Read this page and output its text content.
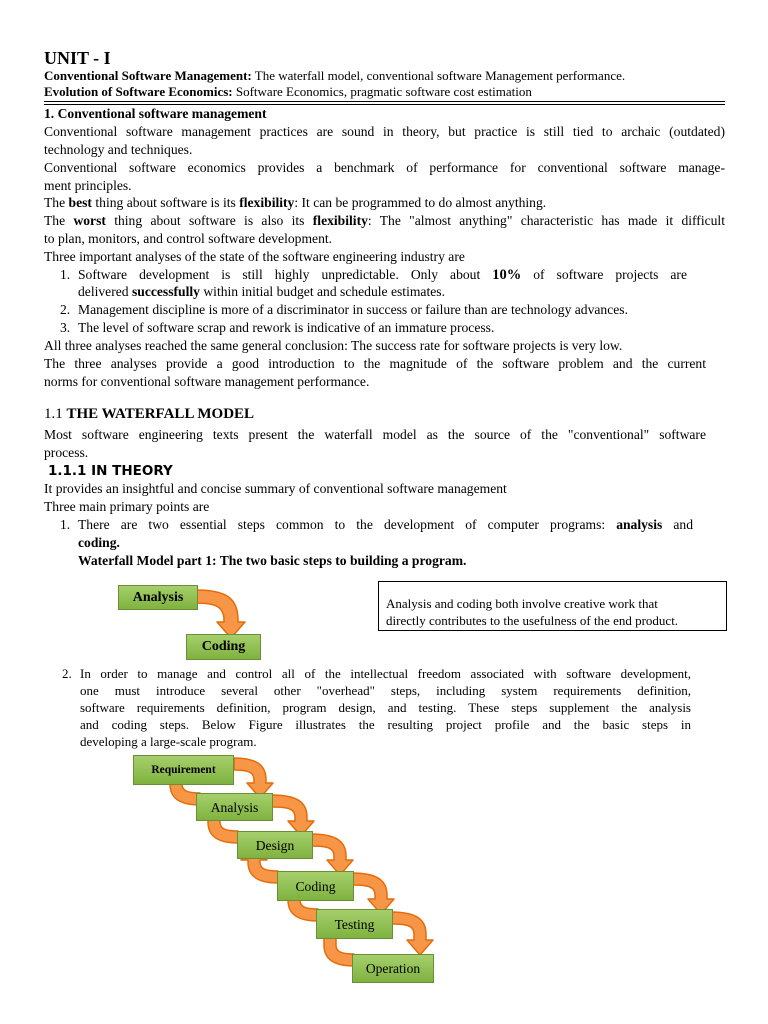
UNIT - I
Conventional Software Management: The waterfall model, conventional software Management performance.
Evolution of Software Economics: Software Economics, pragmatic software cost estimation
1. Conventional software management
Conventional software management practices are sound in theory, but practice is still tied to archaic (outdated)
technology and techniques.
Conventional software economics provides a benchmark of performance for conventional software manage-
ment principles.
The best thing about software is its flexibility: It can be programmed to do almost anything.
The worst thing about software is also its flexibility: The "almost anything" characteristic has made it difficult
to plan, monitors, and control software development.
Three important analyses of the state of the software engineering industry are
1. Software development is still highly unpredictable. Only about 10% of software projects are
delivered successfully within initial budget and schedule estimates.
2. Management discipline is more of a discriminator in success or failure than are technology advances.
3. The level of software scrap and rework is indicative of an immature process.
All three analyses reached the same general conclusion: The success rate for software projects is very low.
The three analyses provide a good introduction to the magnitude of the software problem and the current
norms for conventional software management performance.
1.1 THE WATERFALL MODEL
Most software engineering texts present the waterfall model as the source of the "conventional" software
process.
1.1.1 IN THEORY
It provides an insightful and concise summary of conventional software management
Three main primary points are
1. There are two essential steps common to the development of computer programs: analysis and
coding.
Waterfall Model part 1: The two basic steps to building a program.
Analysis
Coding
Analysis and coding both involve creative work that
directly contributes to the usefulness of the end product.
2. In order to manage and control all of the intellectual freedom associated with software development,
one must introduce several other "overhead" steps, including system requirements definition,
software requirements definition, program design, and testing. These steps supplement the analysis
and coding steps. Below Figure illustrates the resulting project profile and the basic steps in
developing a large-scale program.
Requirement
Analysis
Design
Coding
Testing
Operation
